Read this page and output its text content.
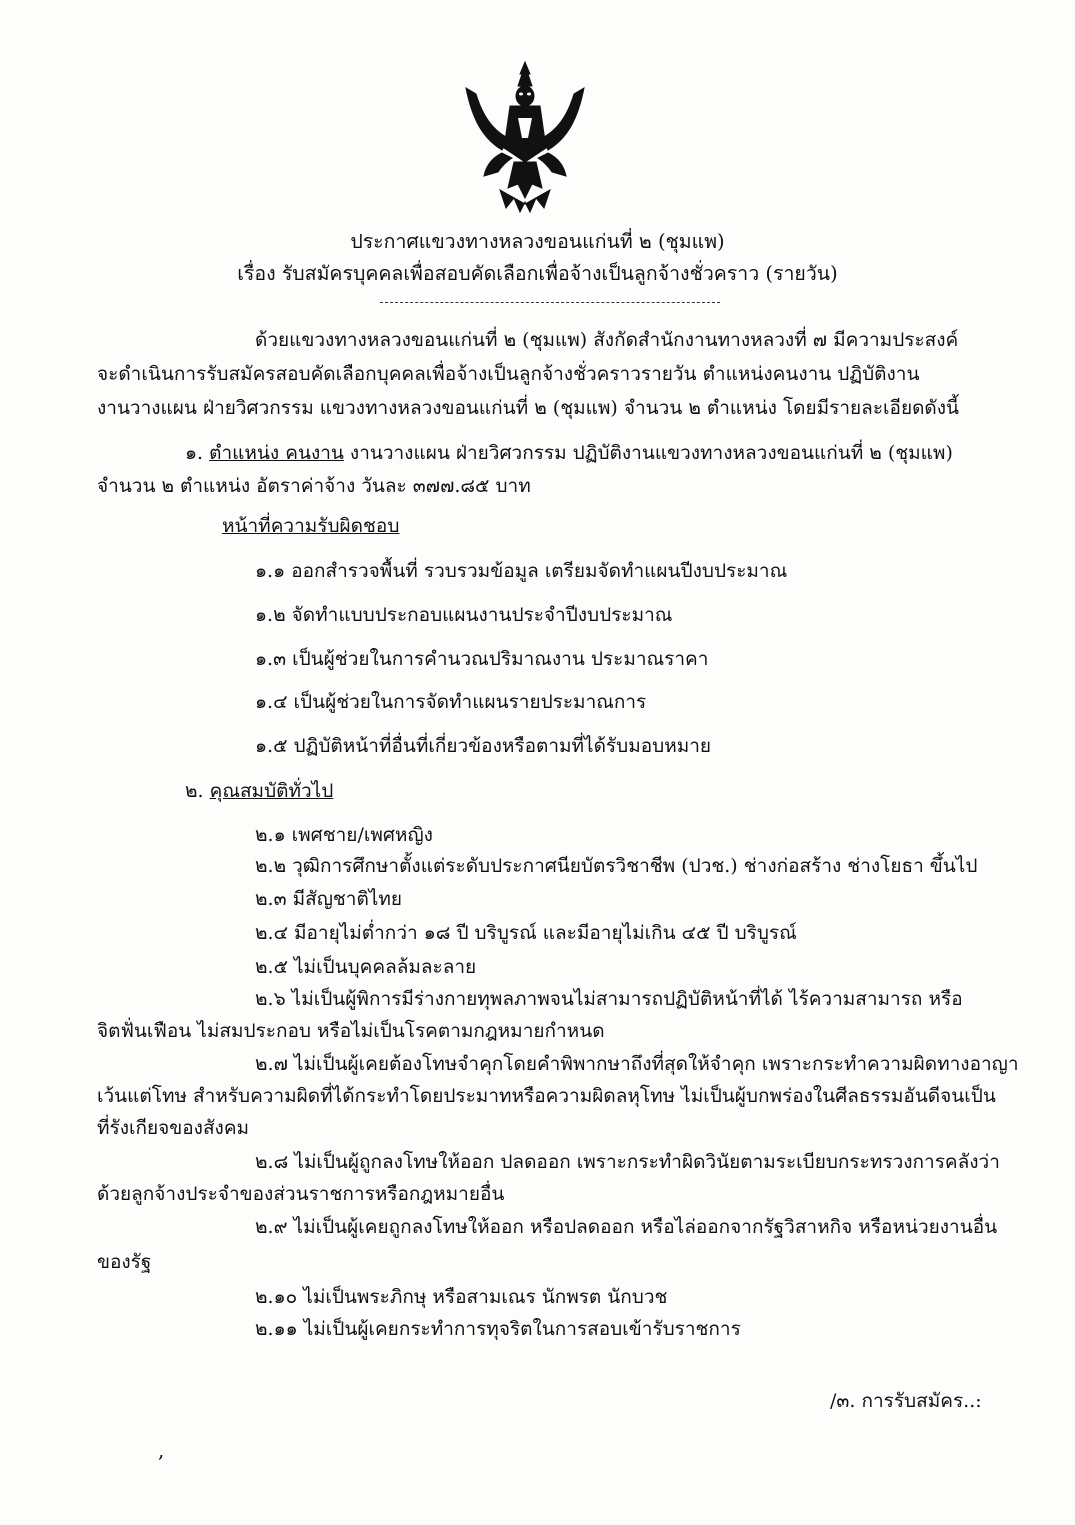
ประกาศแขวงทางหลวงขอนแก่นที่ ๒ (ชุมแพ)
เรื่อง รับสมัครบุคคลเพื่อสอบคัดเลือกเพื่อจ้างเป็นลูกจ้างชั่วคราว (รายวัน)
ด้วยแขวงทางหลวงขอนแก่นที่ ๒ (ชุมแพ) สังกัดสำนักงานทางหลวงที่ ๗ มีความประสงค์
จะดำเนินการรับสมัครสอบคัดเลือกบุคคลเพื่อจ้างเป็นลูกจ้างชั่วคราวรายวัน ตำแหน่งคนงาน ปฏิบัติงาน
งานวางแผน ฝ่ายวิศวกรรม แขวงทางหลวงขอนแก่นที่ ๒ (ชุมแพ) จำนวน ๒ ตำแหน่ง โดยมีรายละเอียดดังนี้
๑. ตำแหน่ง คนงาน งานวางแผน ฝ่ายวิศวกรรม ปฏิบัติงานแขวงทางหลวงขอนแก่นที่ ๒ (ชุมแพ)
จำนวน ๒ ตำแหน่ง อัตราค่าจ้าง วันละ ๓๗๗.๘๕ บาท
หน้าที่ความรับผิดชอบ
๑.๑ ออกสำรวจพื้นที่ รวบรวมข้อมูล เตรียมจัดทำแผนปีงบประมาณ
๑.๒ จัดทำแบบประกอบแผนงานประจำปีงบประมาณ
๑.๓ เป็นผู้ช่วยในการคำนวณปริมาณงาน ประมาณราคา
๑.๔ เป็นผู้ช่วยในการจัดทำแผนรายประมาณการ
๑.๕ ปฏิบัติหน้าที่อื่นที่เกี่ยวข้องหรือตามที่ได้รับมอบหมาย
๒. คุณสมบัติทั่วไป
๒.๑ เพศชาย/เพศหญิง
๒.๒ วุฒิการศึกษาตั้งแต่ระดับประกาศนียบัตรวิชาชีพ (ปวช.) ช่างก่อสร้าง ช่างโยธา ขึ้นไป
๒.๓ มีสัญชาติไทย
๒.๔ มีอายุไม่ต่ำกว่า ๑๘ ปี บริบูรณ์ และมีอายุไม่เกิน ๔๕ ปี บริบูรณ์
๒.๕ ไม่เป็นบุคคลล้มละลาย
๒.๖ ไม่เป็นผู้พิการมีร่างกายทุพลภาพจนไม่สามารถปฏิบัติหน้าที่ได้ ไร้ความสามารถ หรือ
จิตฟั่นเฟือน ไม่สมประกอบ หรือไม่เป็นโรคตามกฎหมายกำหนด
๒.๗ ไม่เป็นผู้เคยต้องโทษจำคุกโดยคำพิพากษาถึงที่สุดให้จำคุก เพราะกระทำความผิดทางอาญา
เว้นแต่โทษ สำหรับความผิดที่ได้กระทำโดยประมาทหรือความผิดลหุโทษ ไม่เป็นผู้บกพร่องในศีลธรรมอันดีจนเป็น
ที่รังเกียจของสังคม
๒.๘ ไม่เป็นผู้ถูกลงโทษให้ออก ปลดออก เพราะกระทำผิดวินัยตามระเบียบกระทรวงการคลังว่า
ด้วยลูกจ้างประจำของส่วนราชการหรือกฎหมายอื่น
๒.๙ ไม่เป็นผู้เคยถูกลงโทษให้ออก หรือปลดออก หรือไล่ออกจากรัฐวิสาหกิจ หรือหน่วยงานอื่น
ของรัฐ
๒.๑๐ ไม่เป็นพระภิกษุ หรือสามเณร นักพรต นักบวช
๒.๑๑ ไม่เป็นผู้เคยกระทำการทุจริตในการสอบเข้ารับราชการ
/๓. การรับสมัคร..:
,
